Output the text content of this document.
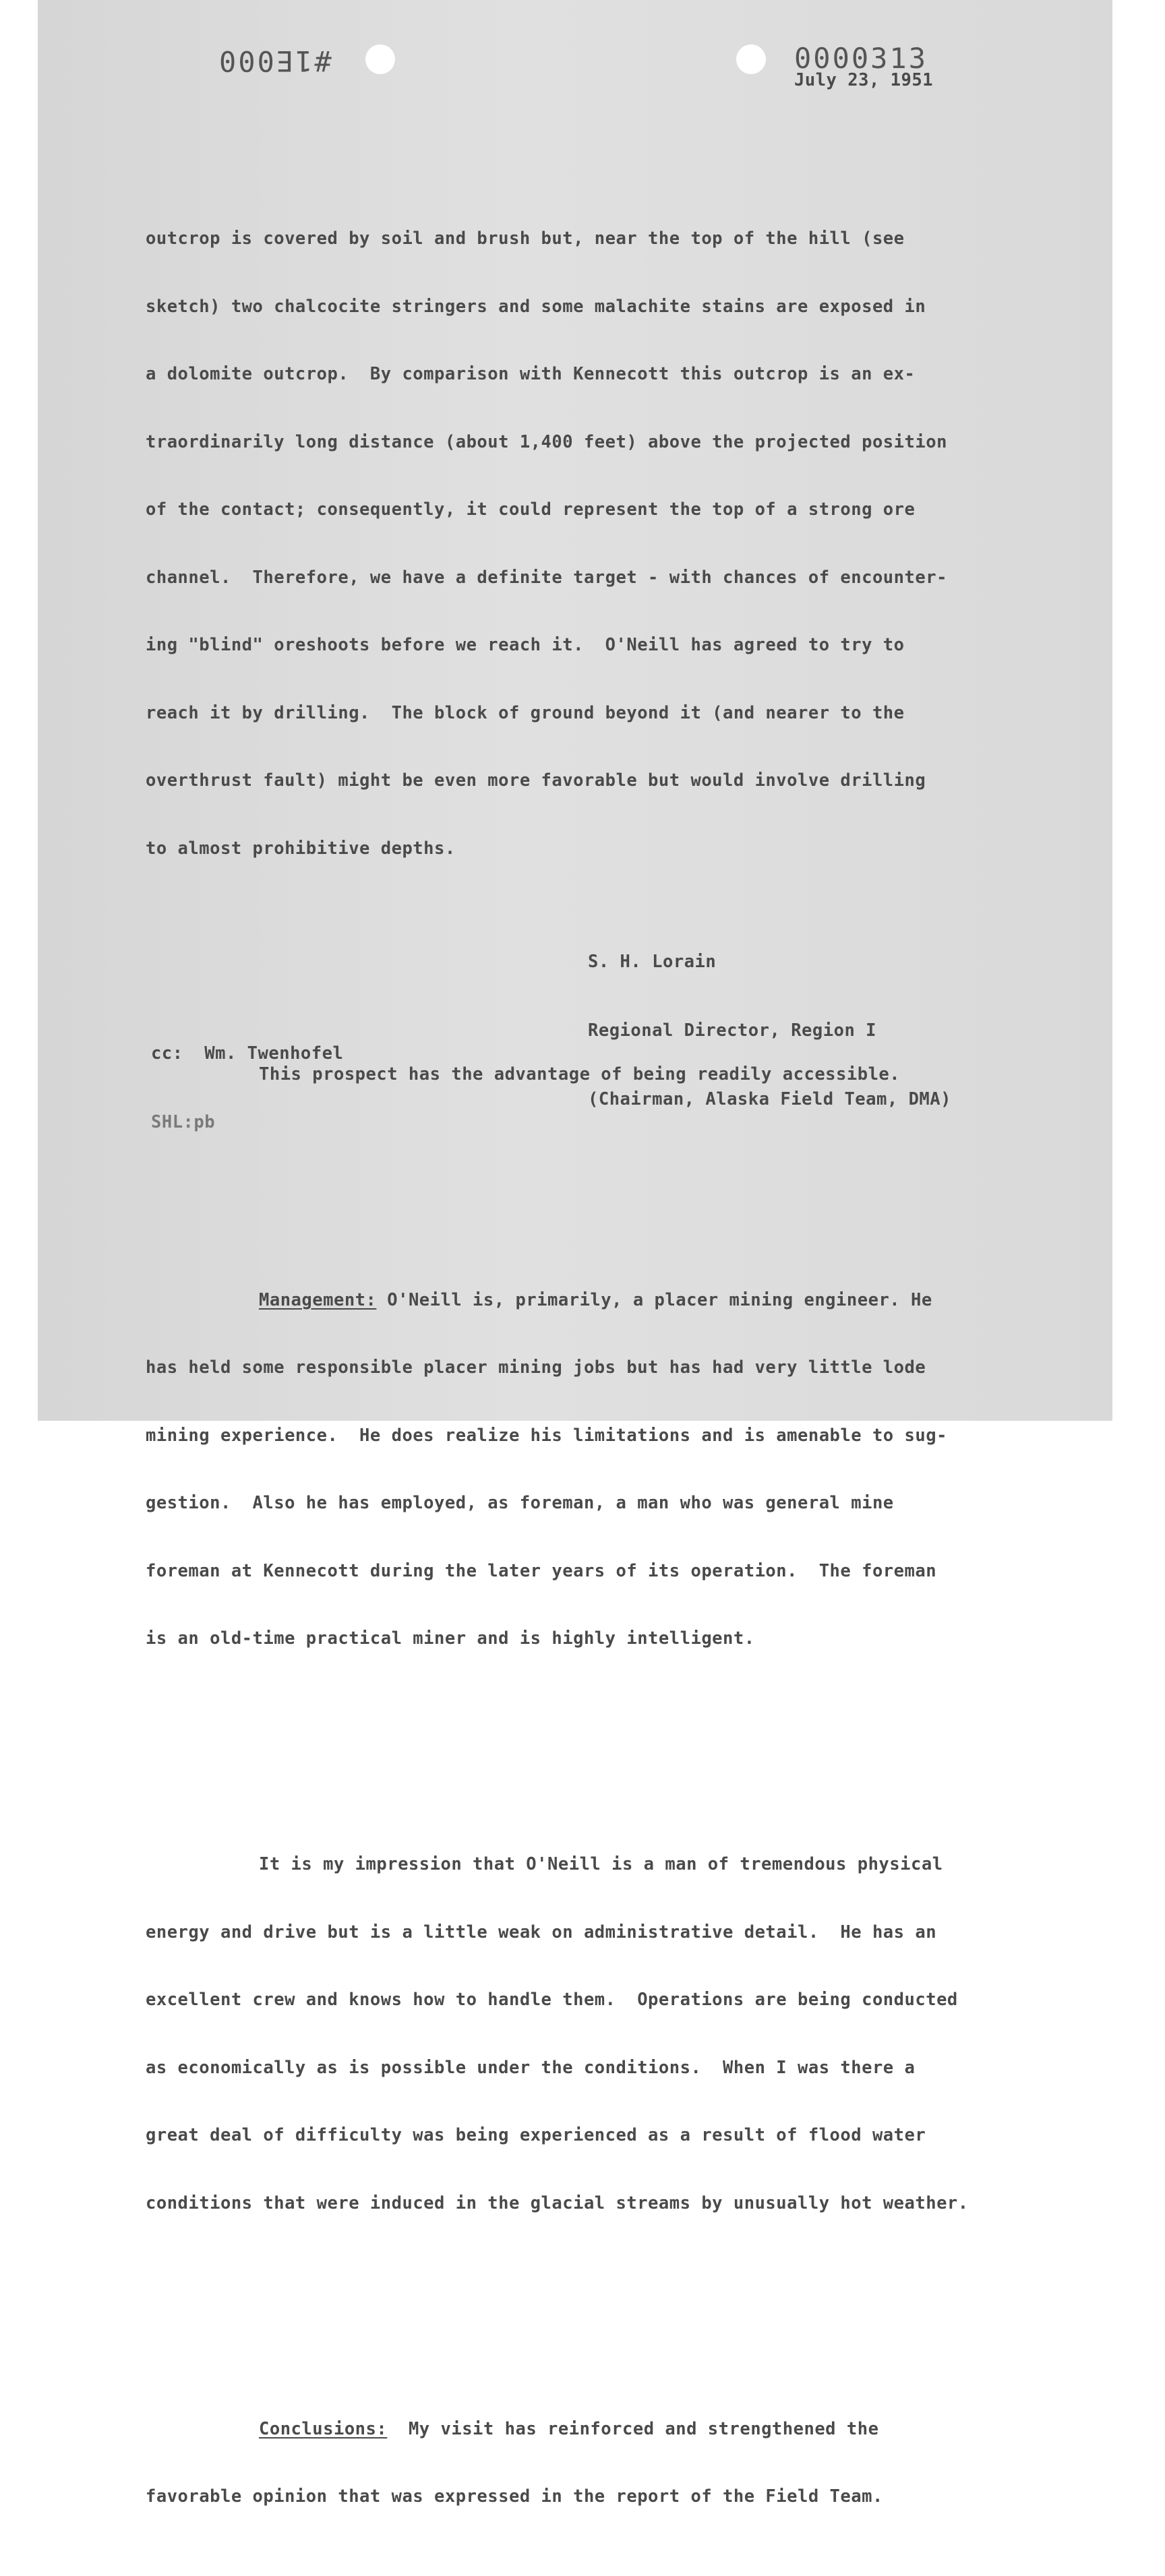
#1E000	0000313
July 23, 1951

outcrop is covered by soil and brush but, near the top of the hill (see

sketch) two chalcocite stringers and some malachite stains are exposed in

a dolomite outcrop.  By comparison with Kennecott this outcrop is an ex-

traordinarily long distance (about 1,400 feet) above the projected position

of the contact; consequently, it could represent the top of a strong ore

channel.  Therefore, we have a definite target - with chances of encounter-

ing "blind" oreshoots before we reach it.  O'Neill has agreed to try to

reach it by drilling.  The block of ground beyond it (and nearer to the

overthrust fault) might be even more favorable but would involve drilling

to almost prohibitive depths.

This prospect has the advantage of being readily accessible.

Management: O'Neill is, primarily, a placer mining engineer. He

has held some responsible placer mining jobs but has had very little lode

mining experience.  He does realize his limitations and is amenable to sug-

gestion.  Also he has employed, as foreman, a man who was general mine

foreman at Kennecott during the later years of its operation.  The foreman

is an old-time practical miner and is highly intelligent.

It is my impression that O'Neill is a man of tremendous physical

energy and drive but is a little weak on administrative detail.  He has an

excellent crew and knows how to handle them.  Operations are being conducted

as economically as is possible under the conditions.  When I was there a

great deal of difficulty was being experienced as a result of flood water

conditions that were induced in the glacial streams by unusually hot weather.

Conclusions:  My visit has reinforced and strengthened the

favorable opinion that was expressed in the report of the Field Team.

S. H. Lorain

Regional Director, Region I

(Chairman, Alaska Field Team, DMA)

cc:  Wm. Twenhofel

SHL:pb
